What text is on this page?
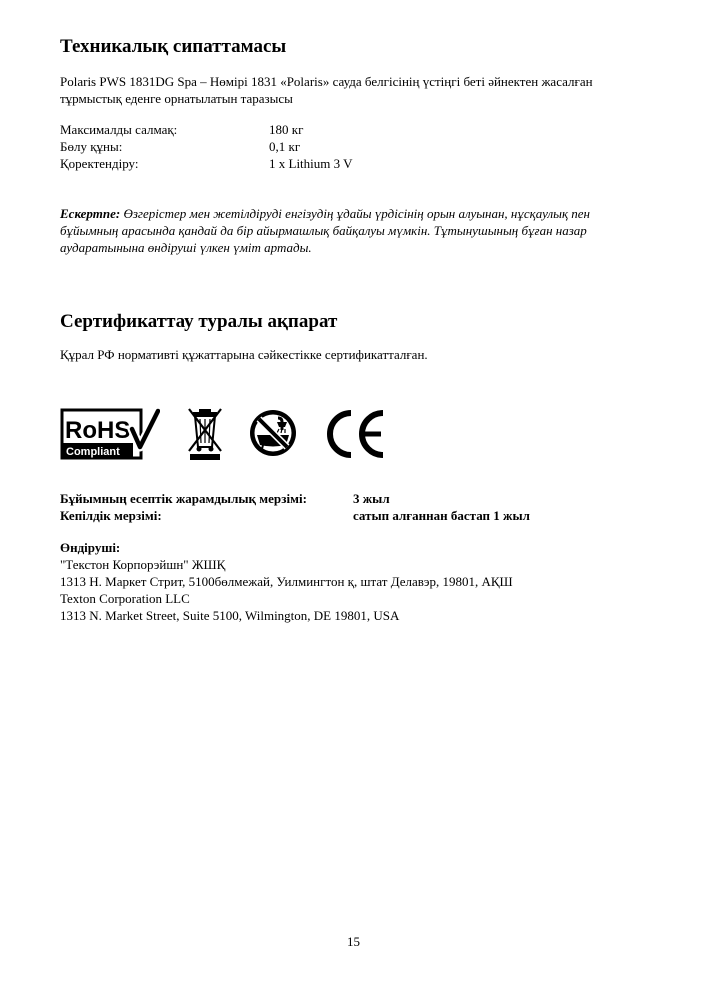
Техникалық сипаттамасы
Polaris PWS 1831DG Spa – Нөмірі 1831 «Polaris» сауда белгісінің үстіңгі беті әйнектен жасалған
тұрмыстық еденге орнатылатын таразысы
Максималды салмақ:	180 кг
Бөлу құны:	0,1 кг
Қоректендіру:	1 x Lithium 3 V
Ескертпе: Өзгерістер мен жетілдіруді енгізудің ұдайы үрдісінің орын алуынан, нұсқаулық пен
бұйымның арасында қандай да бір айырмашлық байқалуы мүмкін. Тұтынушының бұған назар
аударатынына өндіруші үлкен үміт артады.
Сертификаттау туралы ақпарат
Құрал РФ нормативті құжаттарына сәйкестікке сертификатталған.
RoHS
Compliant
Бұйымның есептік жарамдылық мерзімі:	3 жыл
Кепілдік мерзімі:	сатып алғаннан бастап 1 жыл
Өндіруші:
"Текстон Корпорэйшн" ЖШҚ
1313 Н. Маркет Стрит, 5100бөлмежай, Уилмингтон қ, штат Делавэр, 19801, АҚШ
Texton Corporation LLC
1313 N. Market Street, Suite 5100, Wilmington, DE 19801, USA
15
